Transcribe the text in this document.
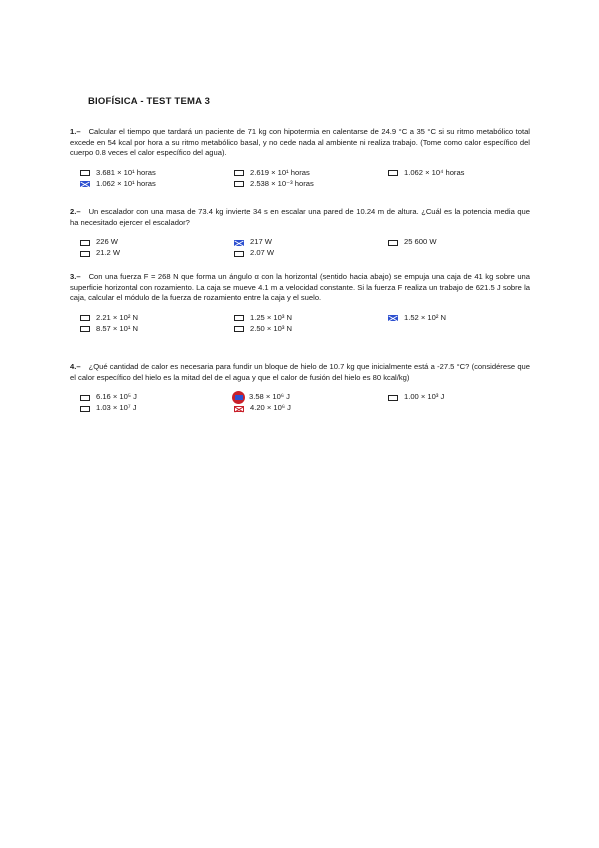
BIOFÍSICA - TEST TEMA 3

1.– Calcular el tiempo que tardará un paciente de 71 kg con hipotermia en calentarse de 24.9 °C a 35 °C si su ritmo metabólico total excede en 54 kcal por hora a su ritmo metabólico basal, y no cede nada al ambiente ni realiza trabajo. (Tome como calor específico del cuerpo 0.8 veces el calor específico del agua).

3.681 × 10¹ horas	2.619 × 10¹ horas	1.062 × 10⁴ horas
1.062 × 10¹ horas	2.538 × 10⁻³ horas

2.– Un escalador con una masa de 73.4 kg invierte 34 s en escalar una pared de 10.24 m de altura. ¿Cuál es la potencia media que ha necesitado ejercer el escalador?

226 W	217 W	25 600 W
21.2 W	2.07 W

3.– Con una fuerza F = 268 N que forma un ángulo α con la horizontal (sentido hacia abajo) se empuja una caja de 41 kg sobre una superficie horizontal con rozamiento. La caja se mueve 4.1 m a velocidad constante. Si la fuerza F realiza un trabajo de 621.5 J sobre la caja, calcular el módulo de la fuerza de rozamiento entre la caja y el suelo.

2.21 × 10² N	1.25 × 10³ N	1.52 × 10² N
8.57 × 10¹ N	2.50 × 10³ N

4.– ¿Qué cantidad de calor es necesaria para fundir un bloque de hielo de 10.7 kg que inicialmente está a -27.5 °C? (considérese que el calor específico del hielo es la mitad del de el agua y que el calor de fusión del hielo es 80 kcal/kg)

6.16 × 10⁵ J	3.58 × 10⁶ J	1.00 × 10³ J
1.03 × 10⁷ J	4.20 × 10⁶ J
